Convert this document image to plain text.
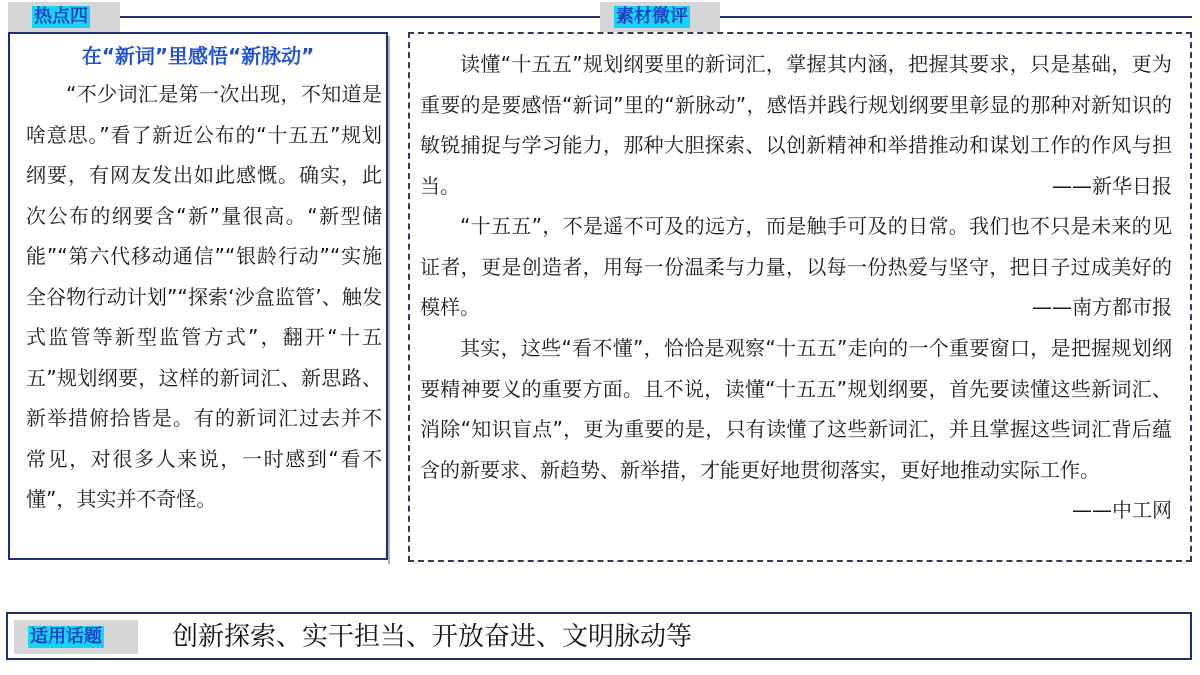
热点四	素材微评
在“新词”里感悟“新脉动”

“不少词汇是第一次出现，不知道是啥意思。”看了新近公布的“十五五”规划纲要，有网友发出如此感慨。确实，此次公布的纲要含“新”量很高。“新型储能”“第六代移动通信”“银龄行动”“实施全谷物行动计划”“探索‘沙盒监管’、触发式监管等新型监管方式”，翻开“十五五”规划纲要，这样的新词汇、新思路、新举措俯拾皆是。有的新词汇过去并不常见，对很多人来说，一时感到“看不懂”，其实并不奇怪。

读懂“十五五”规划纲要里的新词汇，掌握其内涵，把握其要求，只是基础，更为重要的是要感悟“新词”里的“新脉动”，感悟并践行规划纲要里彰显的那种对新知识的敏锐捕捉与学习能力，那种大胆探索、以创新精神和举措推动和谋划工作的作风与担当。	——新华日报

“十五五”，不是遥不可及的远方，而是触手可及的日常。我们也不只是未来的见证者，更是创造者，用每一份温柔与力量，以每一份热爱与坚守，把日子过成美好的模样。	——南方都市报

其实，这些“看不懂”，恰恰是观察“十五五”走向的一个重要窗口，是把握规划纲要精神要义的重要方面。且不说，读懂“十五五”规划纲要，首先要读懂这些新词汇、消除“知识盲点”，更为重要的是，只有读懂了这些新词汇，并且掌握这些词汇背后蕴含的新要求、新趋势、新举措，才能更好地贯彻落实，更好地推动实际工作。
——中工网

适用话题	创新探索、实干担当、开放奋进、文明脉动等
